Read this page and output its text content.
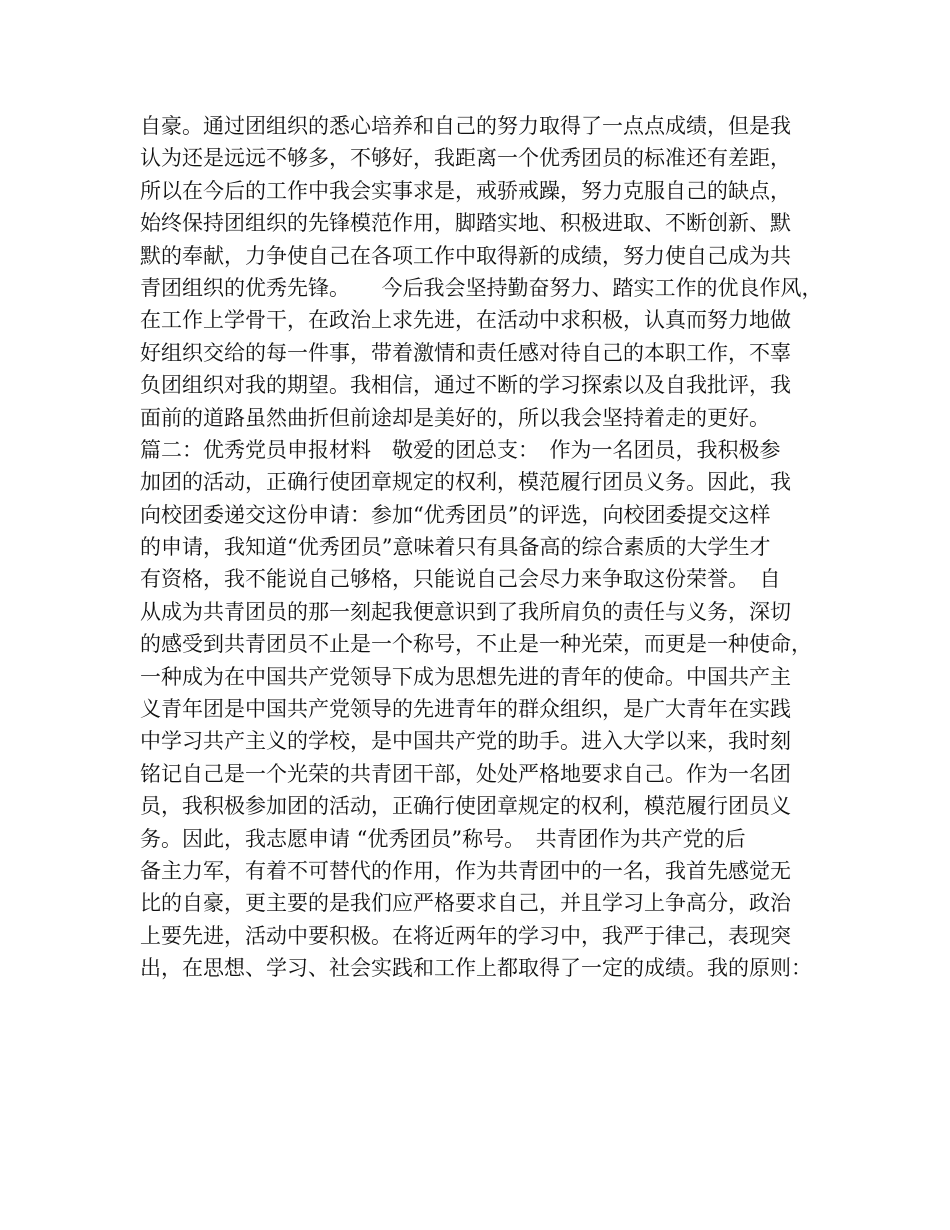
自豪。通过团组织的悉心培养和自己的努力取得了一点点成绩，但是我
认为还是远远不够多，不够好，我距离一个优秀团员的标准还有差距，
所以在今后的工作中我会实事求是，戒骄戒躁，努力克服自己的缺点，
始终保持团组织的先锋模范作用，脚踏实地、积极进取、不断创新、默
默的奉献，力争使自己在各项工作中取得新的成绩，努力使自己成为共
青团组织的优秀先锋。　　今后我会坚持勤奋努力、踏实工作的优良作风，
在工作上学骨干，在政治上求先进，在活动中求积极，认真而努力地做
好组织交给的每一件事，带着激情和责任感对待自己的本职工作，不辜
负团组织对我的期望。我相信，通过不断的学习探索以及自我批评，我
面前的道路虽然曲折但前途却是美好的，所以我会坚持着走的更好。
篇二：优秀党员申报材料　敬爱的团总支：　作为一名团员，我积极参
加团的活动，正确行使团章规定的权利，模范履行团员义务。因此，我
向校团委递交这份申请：参加“优秀团员”的评选，向校团委提交这样
的申请，我知道“优秀团员”意味着只有具备高的综合素质的大学生才
有资格，我不能说自己够格，只能说自己会尽力来争取这份荣誉。　自
从成为共青团员的那一刻起我便意识到了我所肩负的责任与义务，深切
的感受到共青团员不止是一个称号，不止是一种光荣，而更是一种使命，
一种成为在中国共产党领导下成为思想先进的青年的使命。中国共产主
义青年团是中国共产党领导的先进青年的群众组织，是广大青年在实践
中学习共产主义的学校，是中国共产党的助手。进入大学以来，我时刻
铭记自己是一个光荣的共青团干部，处处严格地要求自己。作为一名团
员，我积极参加团的活动，正确行使团章规定的权利，模范履行团员义
务。因此，我志愿申请 “优秀团员”称号。　共青团作为共产党的后
备主力军，有着不可替代的作用，作为共青团中的一名，我首先感觉无
比的自豪，更主要的是我们应严格要求自己，并且学习上争高分，政治
上要先进，活动中要积极。在将近两年的学习中，我严于律己，表现突
出，在思想、学习、社会实践和工作上都取得了一定的成绩。我的原则：
